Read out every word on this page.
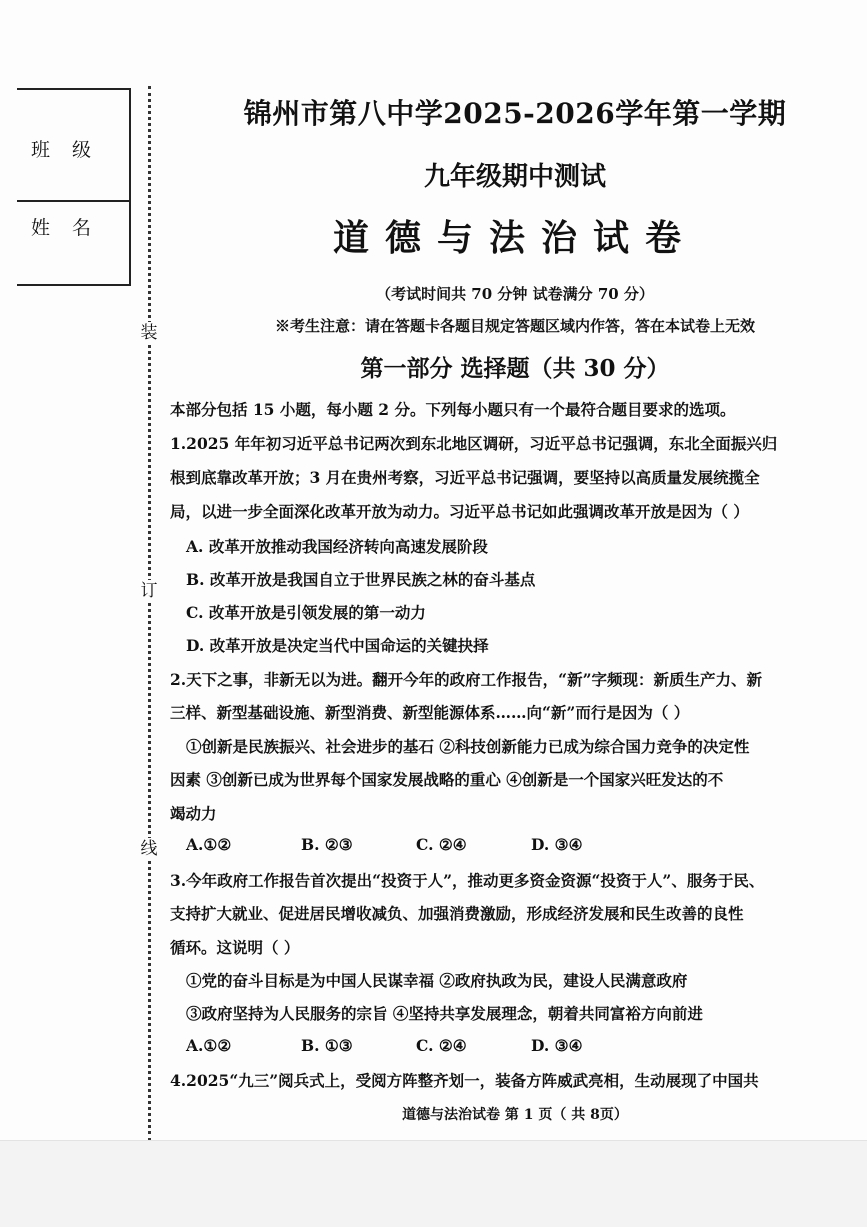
班级
姓名
装
订
线
锦州市第八中学2025-2026学年第一学期
九年级期中测试
道德与法治试卷
（考试时间共 70 分钟 试卷满分 70 分）
※考生注意：请在答题卡各题目规定答题区域内作答，答在本试卷上无效
第一部分 选择题（共 30 分）
本部分包括 15 小题，每小题 2 分。下列每小题只有一个最符合题目要求的选项。
1.2025 年年初习近平总书记两次到东北地区调研，习近平总书记强调，东北全面振兴归
根到底靠改革开放；3 月在贵州考察，习近平总书记强调，要坚持以高质量发展统揽全
局，以进一步全面深化改革开放为动力。习近平总书记如此强调改革开放是因为（ ）
A. 改革开放推动我国经济转向高速发展阶段
B. 改革开放是我国自立于世界民族之林的奋斗基点
C. 改革开放是引领发展的第一动力
D. 改革开放是决定当代中国命运的关键抉择
2.天下之事，非新无以为进。翻开今年的政府工作报告，“新”字频现：新质生产力、新
三样、新型基础设施、新型消费、新型能源体系……向“新”而行是因为（ ）
①创新是民族振兴、社会进步的基石 ②科技创新能力已成为综合国力竞争的决定性
因素 ③创新已成为世界每个国家发展战略的重心 ④创新是一个国家兴旺发达的不
竭动力
A.①②	B. ②③	C. ②④	D. ③④
3.今年政府工作报告首次提出“投资于人”，推动更多资金资源“投资于人”、服务于民、
支持扩大就业、促进居民增收减负、加强消费激励，形成经济发展和民生改善的良性
循环。这说明（ ）
①党的奋斗目标是为中国人民谋幸福 ②政府执政为民，建设人民满意政府
③政府坚持为人民服务的宗旨 ④坚持共享发展理念，朝着共同富裕方向前进
A.①②	B. ①③	C. ②④	D. ③④
4.2025“九三”阅兵式上，受阅方阵整齐划一，装备方阵威武亮相，生动展现了中国共
道德与法治试卷 第 1 页（ 共 8页）
